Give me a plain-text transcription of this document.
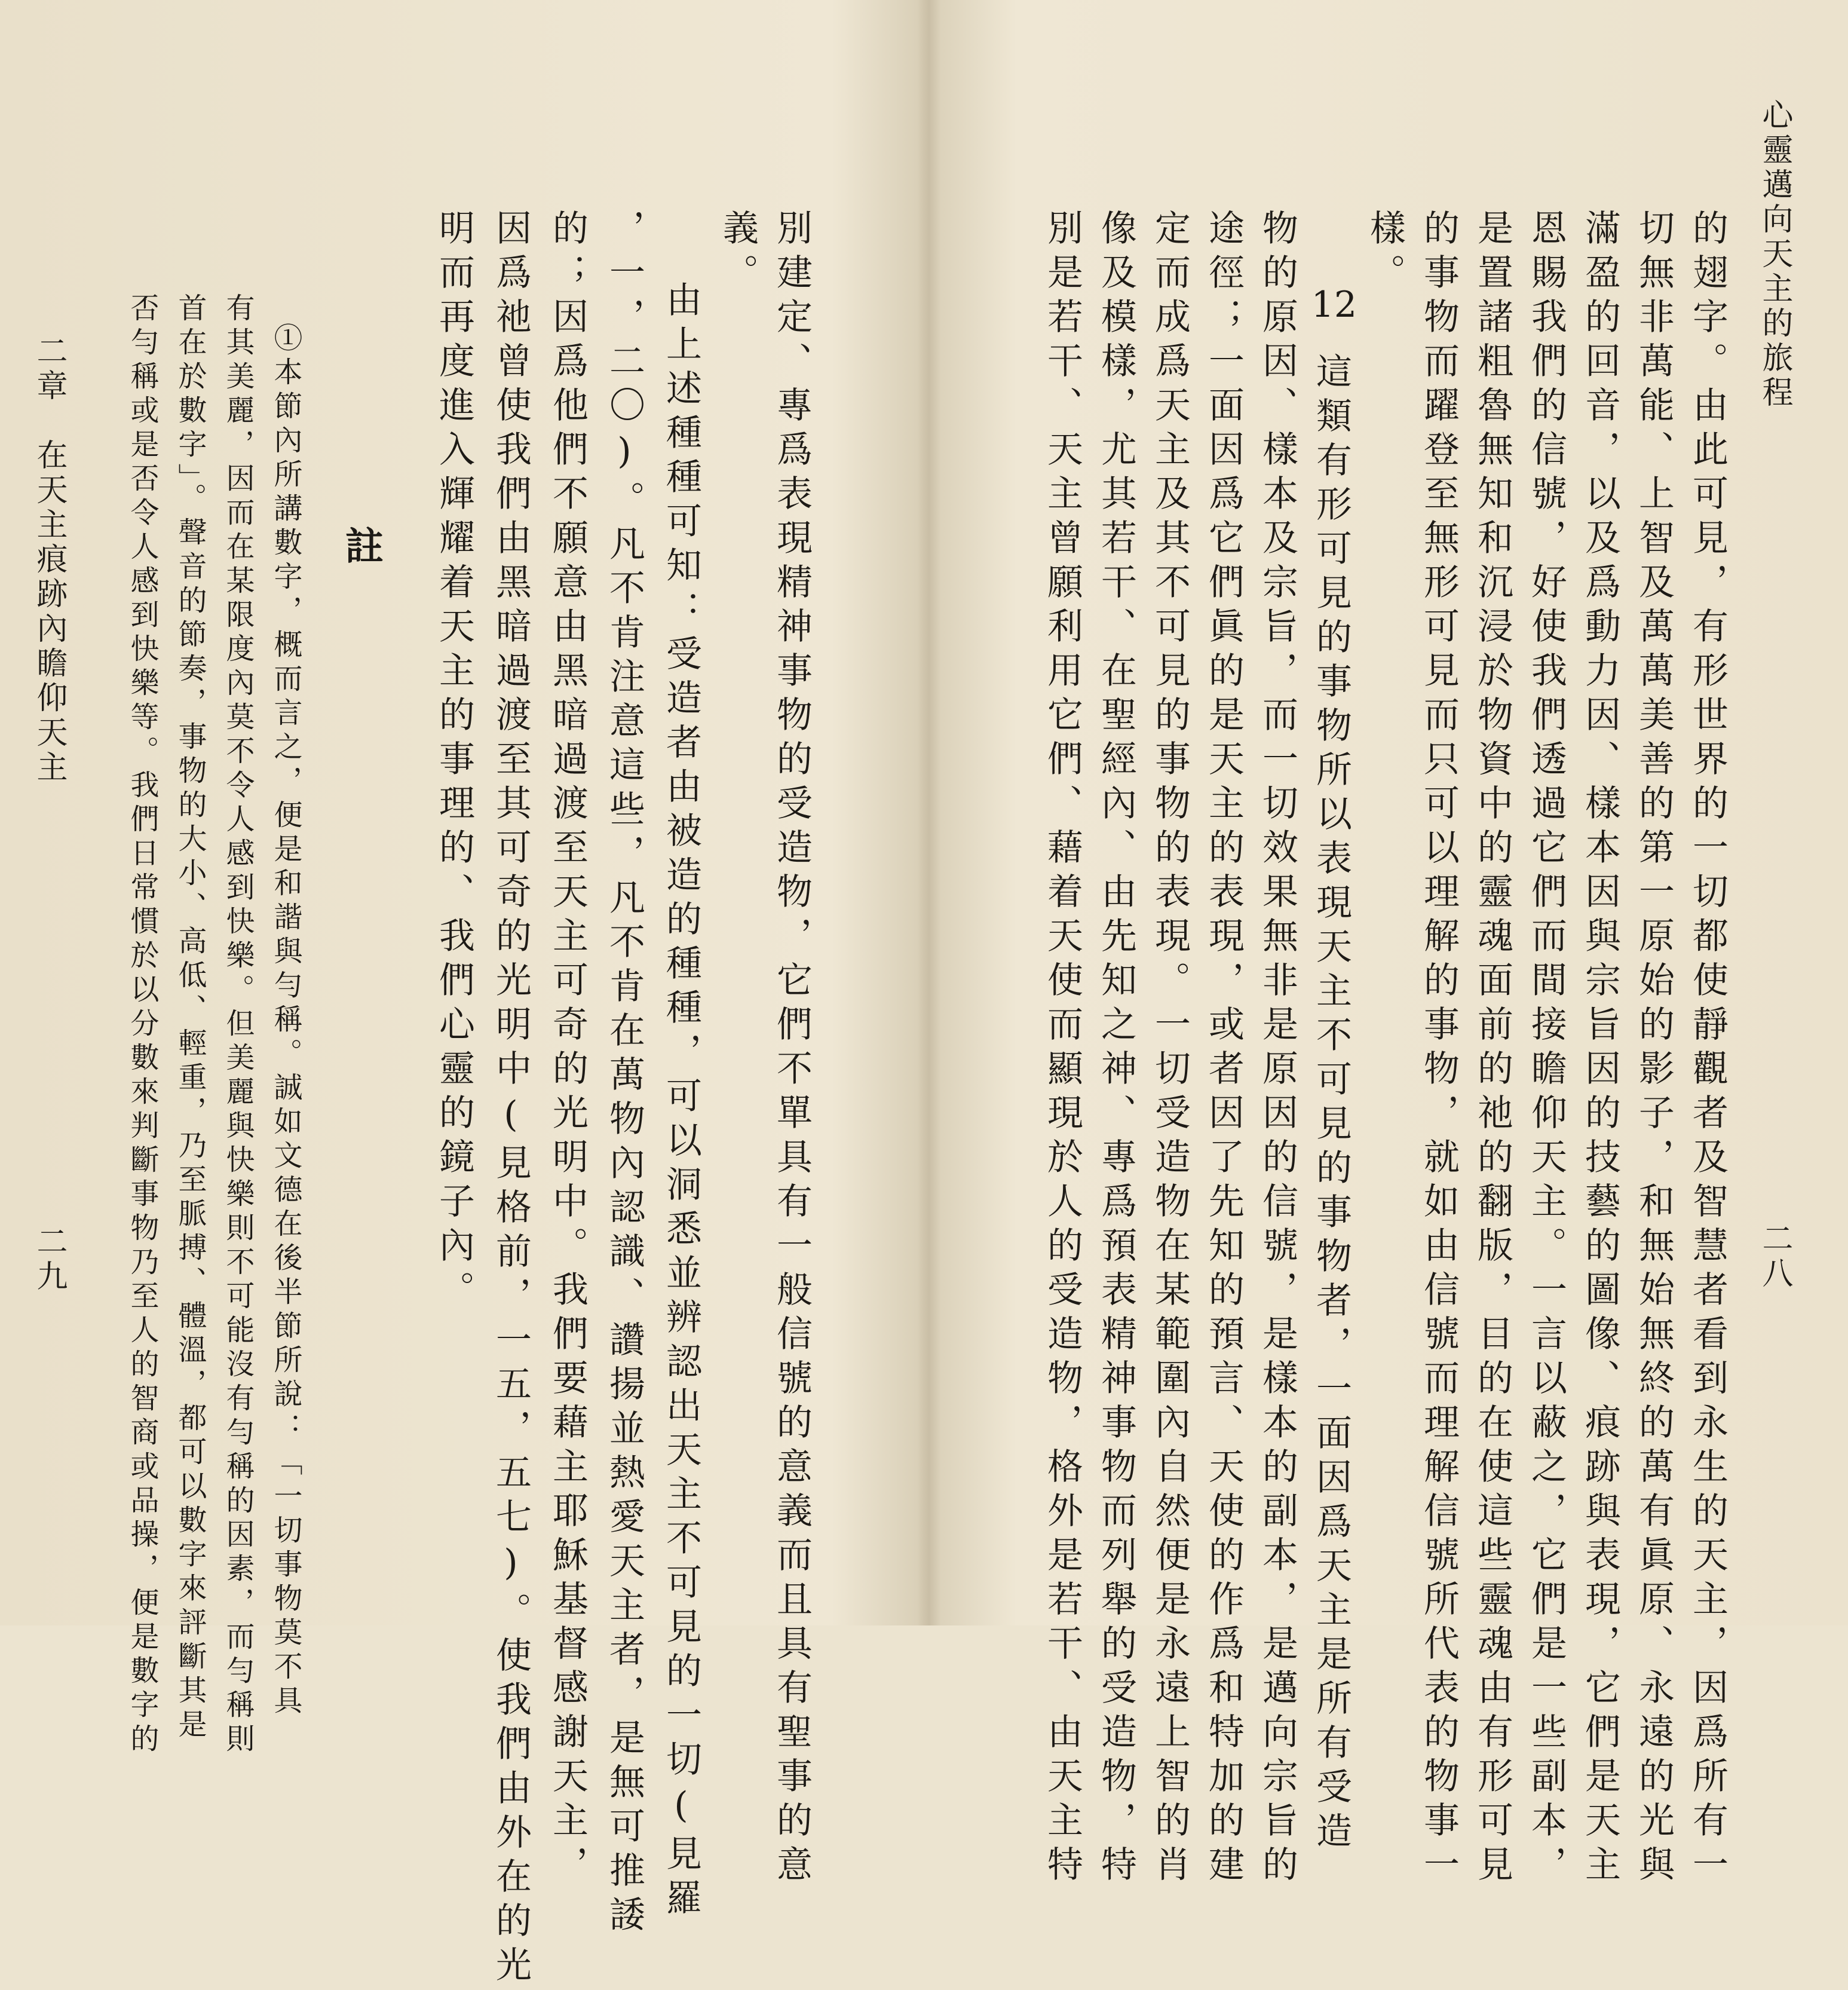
別建定、專爲表現精神事物的受造物，它們不單具有一般信號的意義而且具有聖事的意
義。
由上述種種可知：受造者由被造的種種，可以洞悉並辨認出天主不可見的一切(見羅
，一，二〇)。凡不肯注意這些，凡不肯在萬物內認識、讚揚並熱愛天主者，是無可推諉
的；因爲他們不願意由黑暗過渡至天主可奇的光明中。我們要藉主耶穌基督感謝天主，
因爲祂曾使我們由黑暗過渡至其可奇的光明中(見格前，一五，五七)。使我們由外在的光
明而再度進入輝耀着天主的事理的、我們心靈的鏡子內。
註
①本節內所講數字，概而言之，便是和諧與勻稱。誠如文德在後半節所說：「一切事物莫不具
有其美麗，因而在某限度內莫不令人感到快樂。但美麗與快樂則不可能沒有勻稱的因素，而勻稱則
首在於數字」。聲音的節奏，事物的大小、高低、輕重，乃至脈搏、體溫，都可以數字來評斷其是
否勻稱或是否令人感到快樂等。我們日常慣於以分數來判斷事物乃至人的智商或品操，便是數字的
二章　在天主痕跡內瞻仰天主
二九
心靈邁向天主的旅程
二八
的翅字。由此可見，有形世界的一切都使靜觀者及智慧者看到永生的天主，因爲所有一
切無非萬能、上智及萬萬美善的第一原始的影子，和無始無終的萬有眞原、永遠的光與
滿盈的回音，以及爲動力因、樣本因與宗旨因的技藝的圖像、痕跡與表現，它們是天主
恩賜我們的信號，好使我們透過它們而間接瞻仰天主。一言以蔽之，它們是一些副本，
是置諸粗魯無知和沉浸於物資中的靈魂面前的祂的翻版，目的在使這些靈魂由有形可見
的事物而躍登至無形可見而只可以理解的事物，就如由信號而理解信號所代表的物事一
樣。
12
這類有形可見的事物所以表現天主不可見的事物者，一面因爲天主是所有受造
物的原因、樣本及宗旨，而一切效果無非是原因的信號，是樣本的副本，是邁向宗旨的
途徑；一面因爲它們眞的是天主的表現，或者因了先知的預言、天使的作爲和特加的建
定而成爲天主及其不可見的事物的表現。一切受造物在某範圍內自然便是永遠上智的肖
像及模樣，尤其若干、在聖經內、由先知之神、專爲預表精神事物而列舉的受造物，特
別是若干、天主曾願利用它們、藉着天使而顯現於人的受造物，格外是若干、由天主特
